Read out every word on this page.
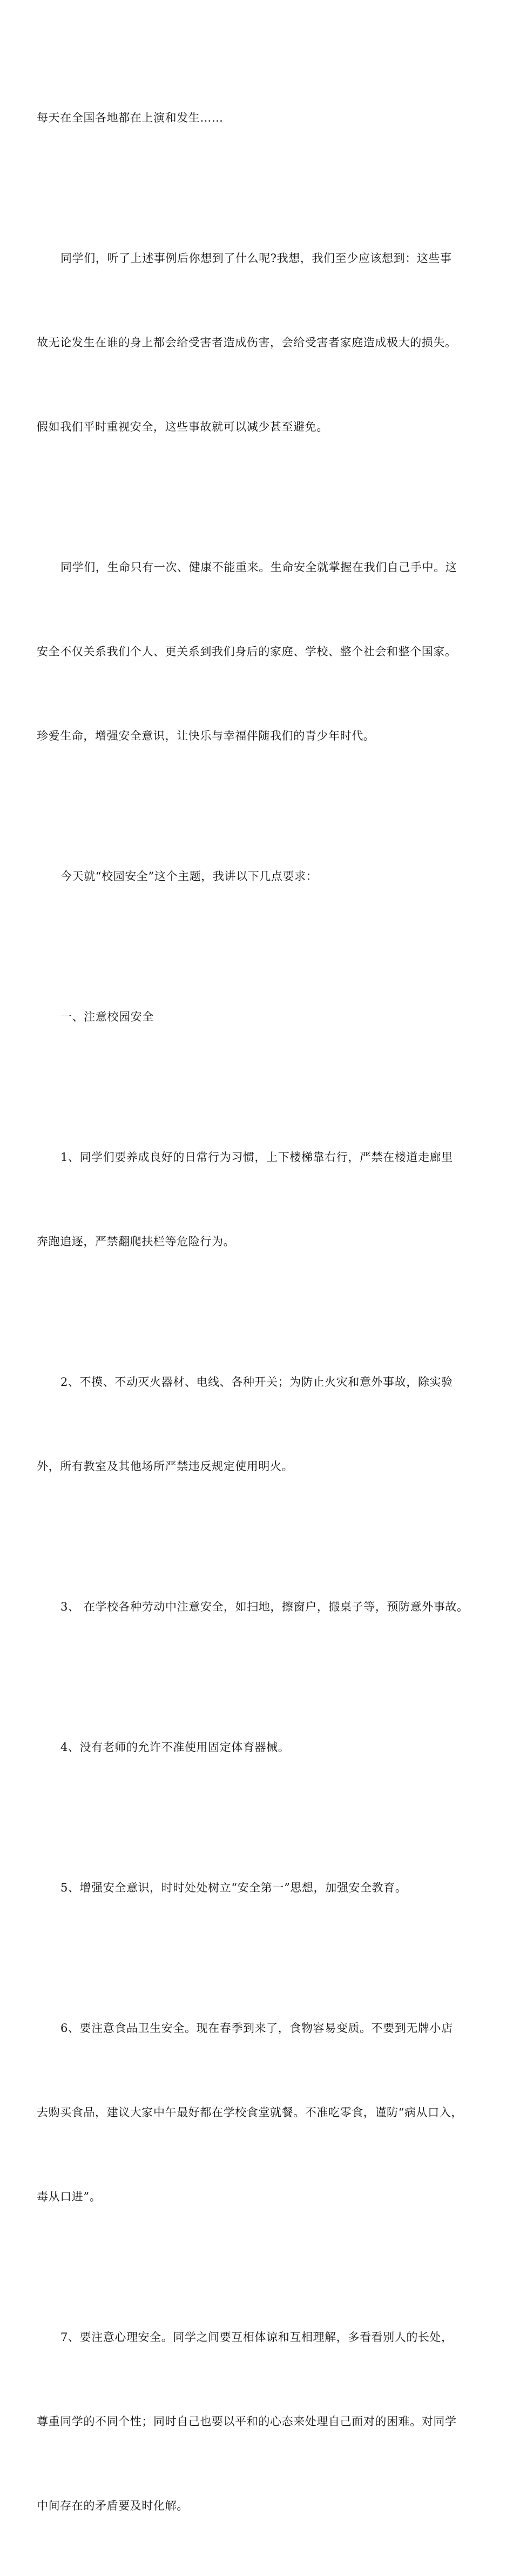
每天在全国各地都在上演和发生……

同学们，听了上述事例后你想到了什么呢?我想，我们至少应该想到：这些事

故无论发生在谁的身上都会给受害者造成伤害，会给受害者家庭造成极大的损失。

假如我们平时重视安全，这些事故就可以减少甚至避免。

同学们，生命只有一次、健康不能重来。生命安全就掌握在我们自己手中。这

安全不仅关系我们个人、更关系到我们身后的家庭、学校、整个社会和整个国家。

珍爱生命，增强安全意识，让快乐与幸福伴随我们的青少年时代。

今天就“校园安全”这个主题，我讲以下几点要求：

一、注意校园安全

1、同学们要养成良好的日常行为习惯，上下楼梯靠右行，严禁在楼道走廊里

奔跑追逐，严禁翻爬扶栏等危险行为。

2、不摸、不动灭火器材、电线、各种开关；为防止火灾和意外事故，除实验

外，所有教室及其他场所严禁违反规定使用明火。

3、 在学校各种劳动中注意安全，如扫地，擦窗户，搬桌子等，预防意外事故。

4、没有老师的允许不准使用固定体育器械。

5、增强安全意识，时时处处树立“安全第一”思想，加强安全教育。

6、要注意食品卫生安全。现在春季到来了，食物容易变质。不要到无牌小店

去购买食品，建议大家中午最好都在学校食堂就餐。不准吃零食，谨防“病从口入，

毒从口进”。

7、要注意心理安全。同学之间要互相体谅和互相理解，多看看别人的长处，

尊重同学的不同个性；同时自己也要以平和的心态来处理自己面对的困难。对同学

中间存在的矛盾要及时化解。
